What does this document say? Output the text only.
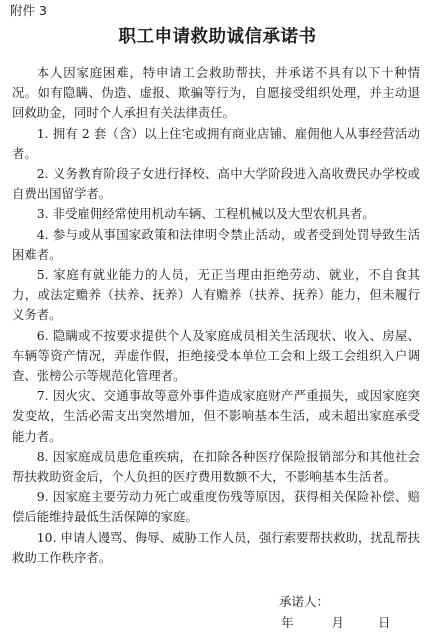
附件 3
职工申请救助诚信承诺书

本人因家庭困难，特申请工会救助帮扶，并承诺不具有以下十种情况。如有隐瞒、伪造、虚报、欺骗等行为，自愿接受组织处理，并主动退回救助金，同时个人承担有关法律责任。

1. 拥有 2 套（含）以上住宅或拥有商业店铺、雇佣他人从事经营活动者。

2. 义务教育阶段子女进行择校、高中大学阶段进入高收费民办学校或自费出国留学者。

3. 非受雇佣经常使用机动车辆、工程机械以及大型农机具者。

4. 参与或从事国家政策和法律明令禁止活动，或者受到处罚导致生活困难者。

5. 家庭有就业能力的人员，无正当理由拒绝劳动、就业，不自食其力，或法定赡养（扶养、抚养）人有赡养（扶养、抚养）能力，但未履行义务者。

6. 隐瞒或不按要求提供个人及家庭成员相关生活现状、收入、房屋、车辆等资产情况，弄虚作假，拒绝接受本单位工会和上级工会组织入户调查、张榜公示等规范化管理者。

7. 因火灾、交通事故等意外事件造成家庭财产严重损失，或因家庭突发变故，生活必需支出突然增加，但不影响基本生活，或未超出家庭承受能力者。

8. 因家庭成员患危重疾病，在扣除各种医疗保险报销部分和其他社会帮扶救助资金后，个人负担的医疗费用数额不大，不影响基本生活者。

9. 因家庭主要劳动力死亡或重度伤残等原因，获得相关保险补偿、赔偿后能维持最低生活保障的家庭。

10. 申请人谩骂、侮辱、威胁工作人员，强行索要帮扶救助，扰乱帮扶救助工作秩序者。

承诺人：
年	月	日
